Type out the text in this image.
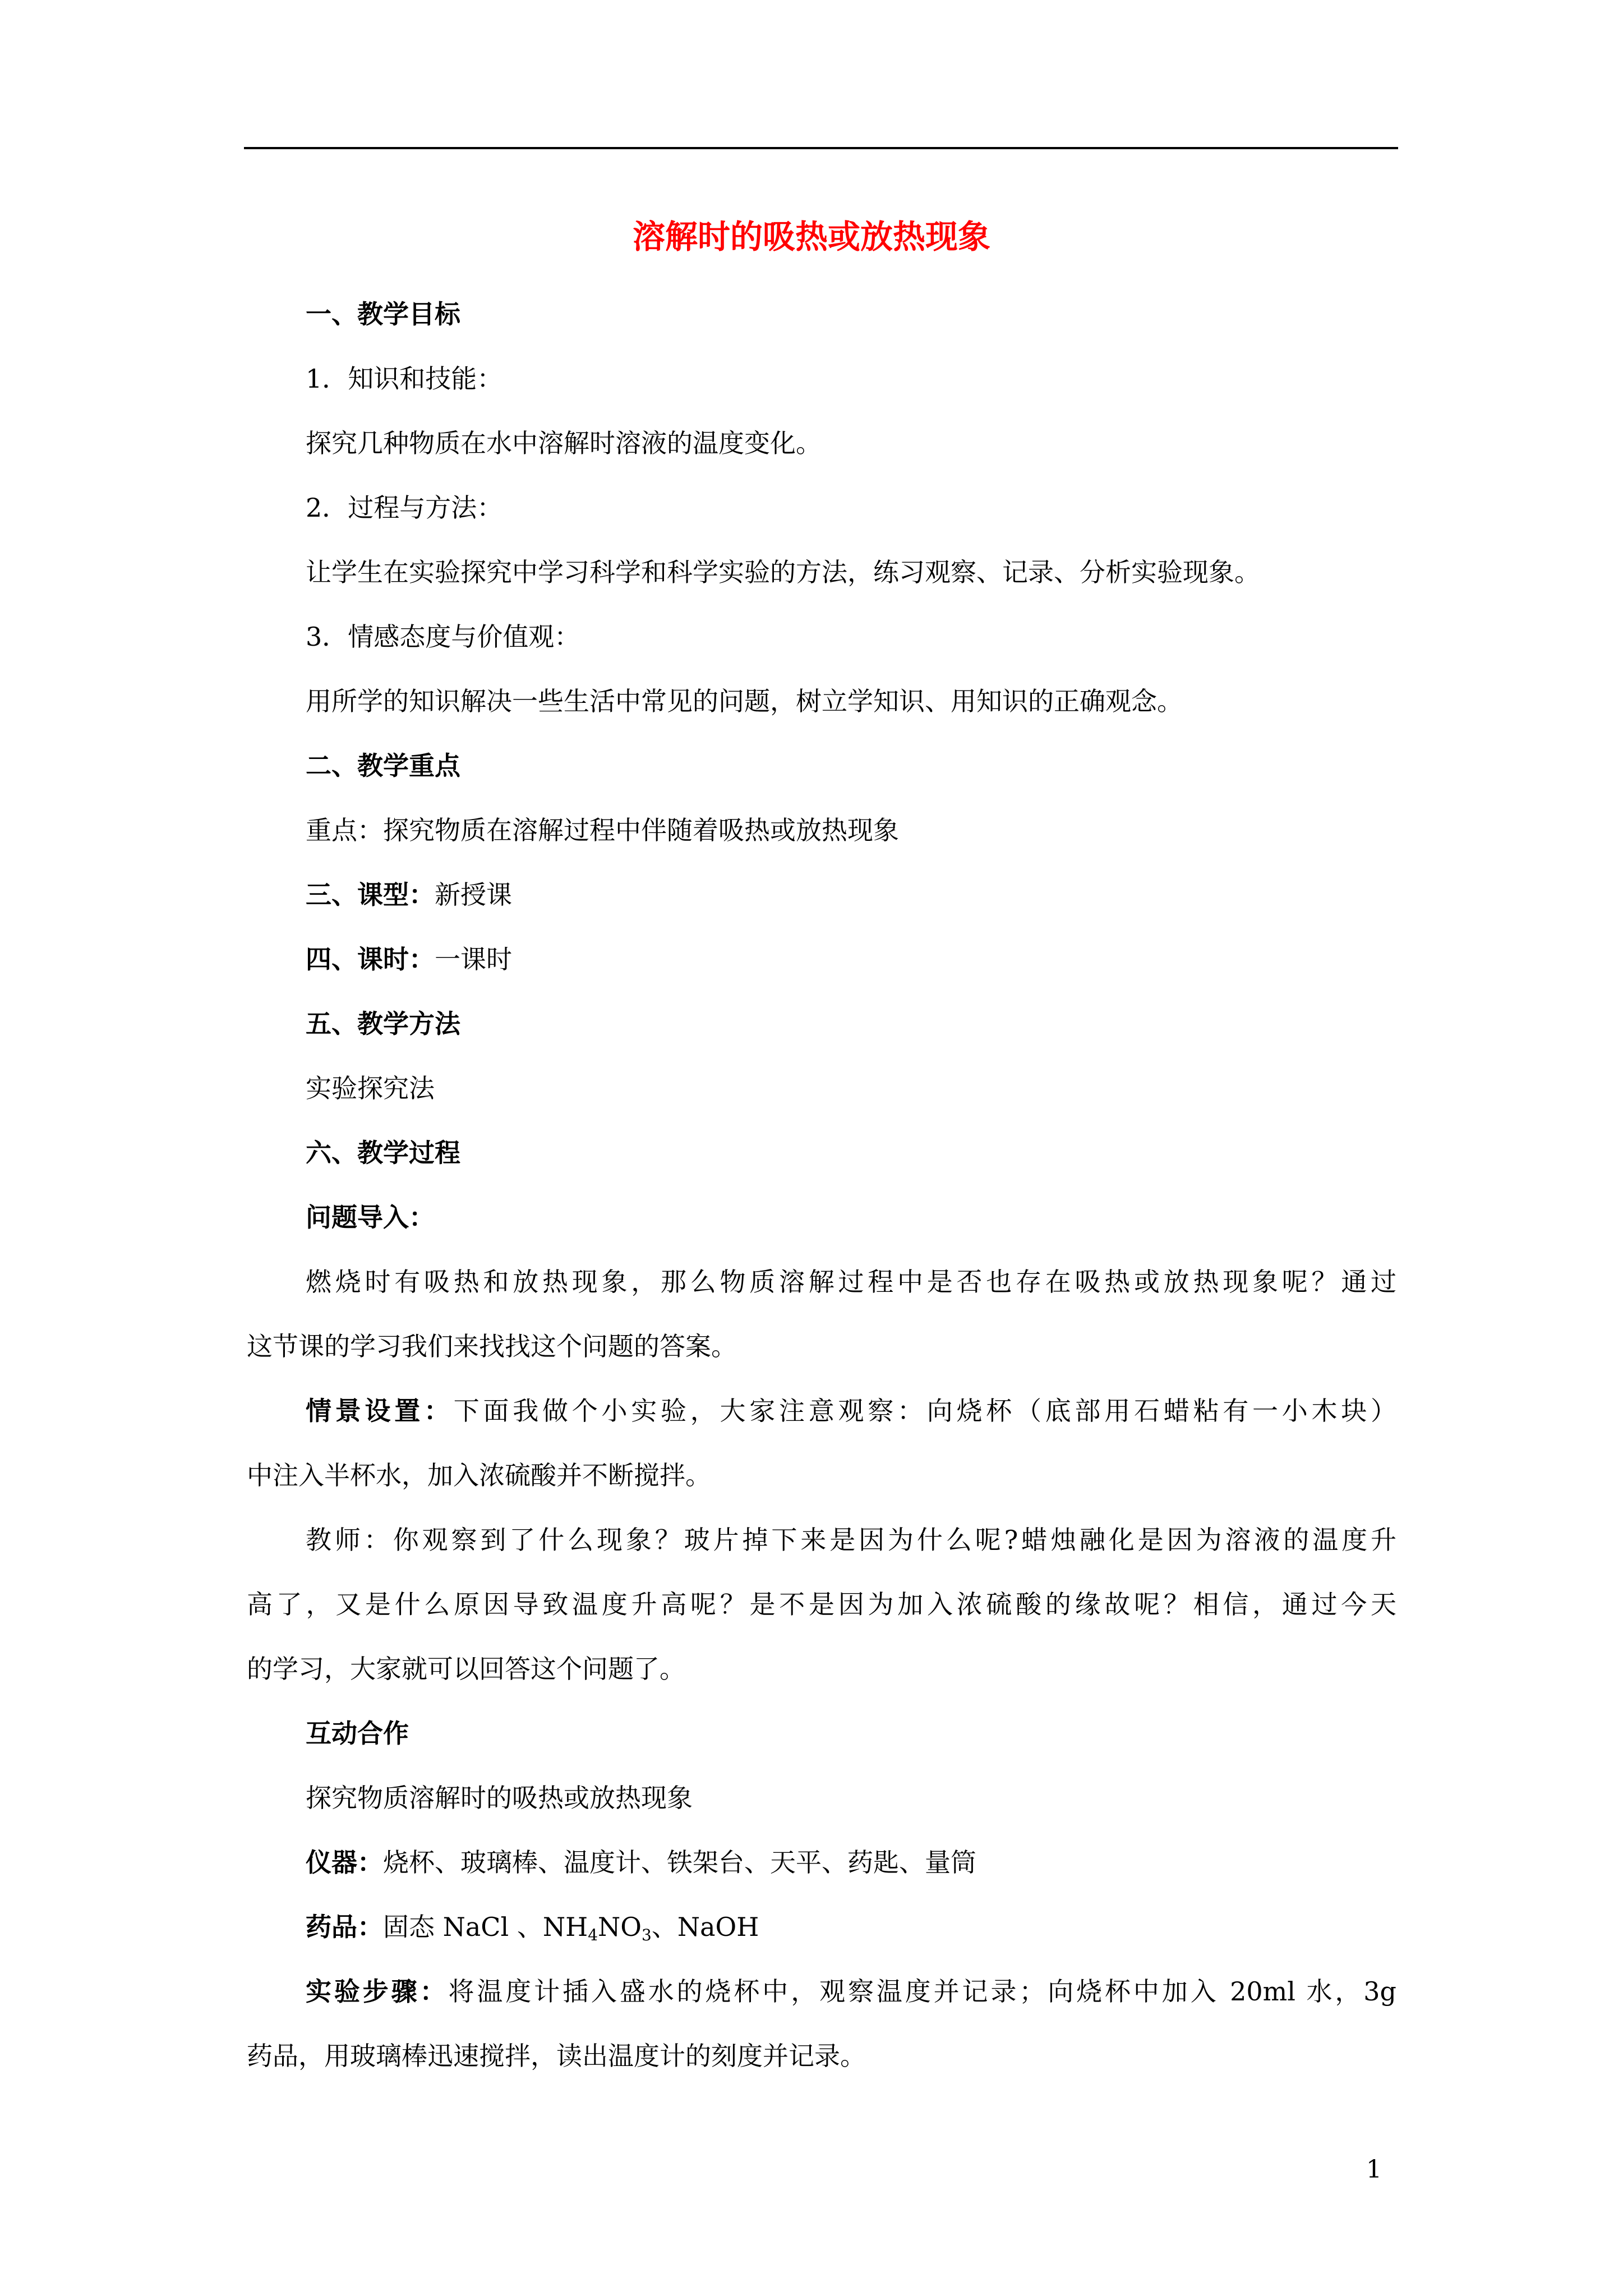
溶解时的吸热或放热现象
一、教学目标
1．知识和技能：
探究几种物质在水中溶解时溶液的温度变化。
2．过程与方法：
让学生在实验探究中学习科学和科学实验的方法，练习观察、记录、分析实验现象。
3．情感态度与价值观：
用所学的知识解决一些生活中常见的问题，树立学知识、用知识的正确观念。
二、教学重点
重点：探究物质在溶解过程中伴随着吸热或放热现象
三、课型：新授课
四、课时：一课时
五、教学方法
实验探究法
六、教学过程
问题导入：
燃烧时有吸热和放热现象，那么物质溶解过程中是否也存在吸热或放热现象呢？通过
这节课的学习我们来找找这个问题的答案。
情景设置：下面我做个小实验，大家注意观察：向烧杯（底部用石蜡粘有一小木块）
中注入半杯水，加入浓硫酸并不断搅拌。
教师：你观察到了什么现象？玻片掉下来是因为什么呢?蜡烛融化是因为溶液的温度升
高了，又是什么原因导致温度升高呢？是不是因为加入浓硫酸的缘故呢？相信，通过今天
的学习，大家就可以回答这个问题了。
互动合作
探究物质溶解时的吸热或放热现象
仪器：烧杯、玻璃棒、温度计、铁架台、天平、药匙、量筒
药品：固态 NaCl 、$NH_4NO_3$、NaOH
实验步骤：将温度计插入盛水的烧杯中，观察温度并记录；向烧杯中加入 20ml 水，3g
药品，用玻璃棒迅速搅拌，读出温度计的刻度并记录。
1
